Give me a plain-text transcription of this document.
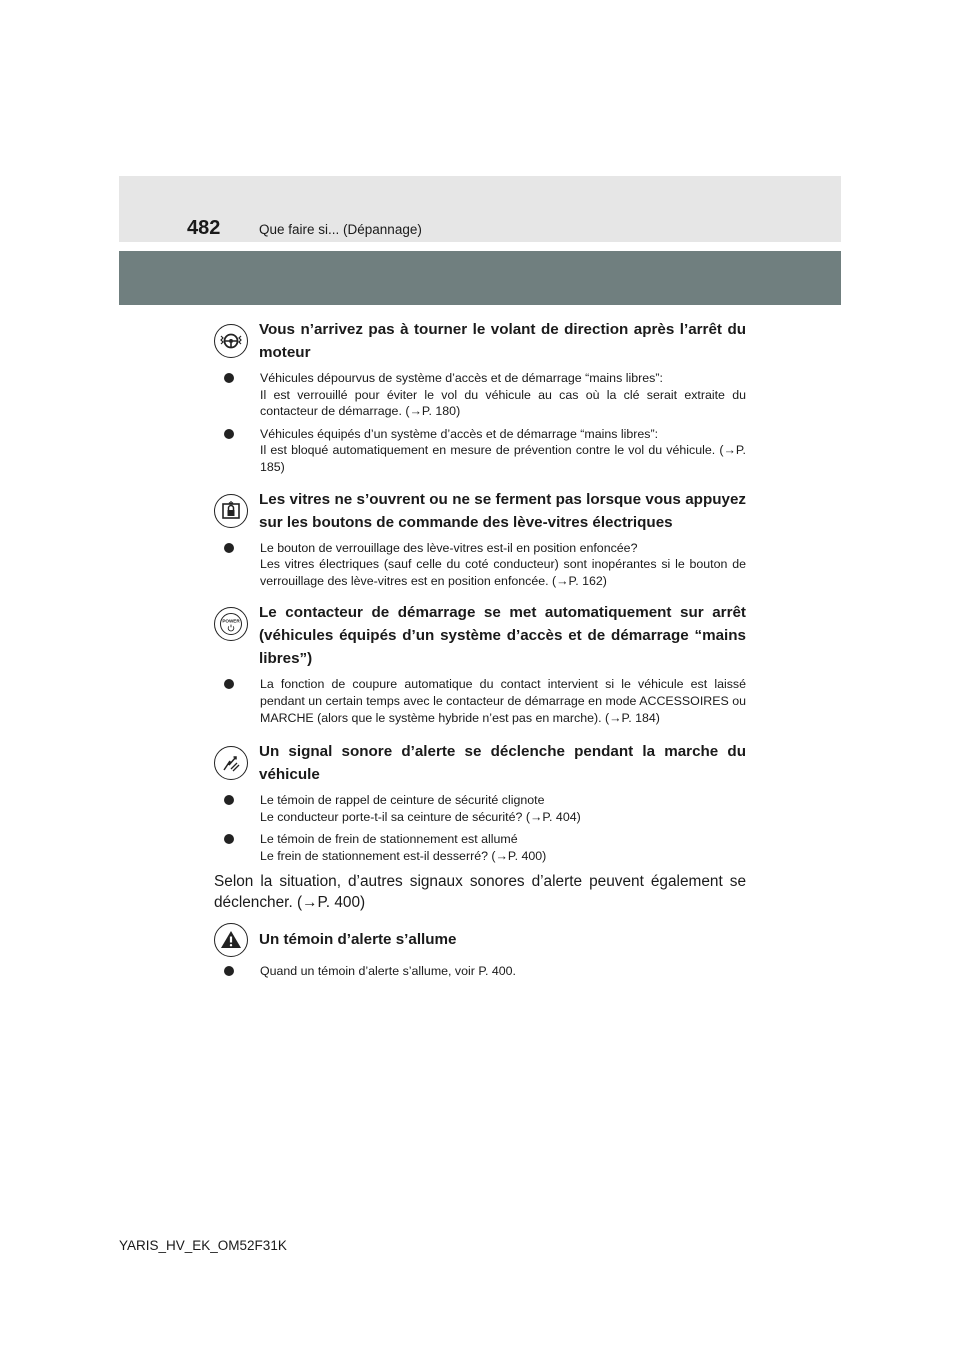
482	Que faire si... (Dépannage)
Vous n’arrivez pas à tourner le volant de direction après l’arrêt du moteur
Véhicules dépourvus de système d’accès et de démarrage “mains libres”:
Il est verrouillé pour éviter le vol du véhicule au cas où la clé serait extraite du contacteur de démarrage. (→P. 180)
Véhicules équipés d’un système d’accès et de démarrage “mains libres”:
Il est bloqué automatiquement en mesure de prévention contre le vol du véhicule. (→P. 185)
Les vitres ne s’ouvrent ou ne se ferment pas lorsque vous appuyez sur les boutons de commande des lève-vitres électriques
Le bouton de verrouillage des lève-vitres est-il en position enfoncée?
Les vitres électriques (sauf celle du coté conducteur) sont inopérantes si le bouton de verrouillage des lève-vitres est en position enfoncée. (→P. 162)
POWER Le contacteur de démarrage se met automatiquement sur arrêt (véhicules équipés d’un système d’accès et de démarrage “mains libres”)
La fonction de coupure automatique du contact intervient si le véhicule est laissé pendant un certain temps avec le contacteur de démarrage en mode ACCESSOIRES ou MARCHE (alors que le système hybride n’est pas en marche). (→P. 184)
Un signal sonore d’alerte se déclenche pendant la marche du véhicule
Le témoin de rappel de ceinture de sécurité clignote
Le conducteur porte-t-il sa ceinture de sécurité? (→P. 404)
Le témoin de frein de stationnement est allumé
Le frein de stationnement est-il desserré? (→P. 400)
Selon la situation, d’autres signaux sonores d’alerte peuvent également se déclencher. (→P. 400)
Un témoin d’alerte s’allume
Quand un témoin d’alerte s’allume, voir P. 400.
YARIS_HV_EK_OM52F31K
